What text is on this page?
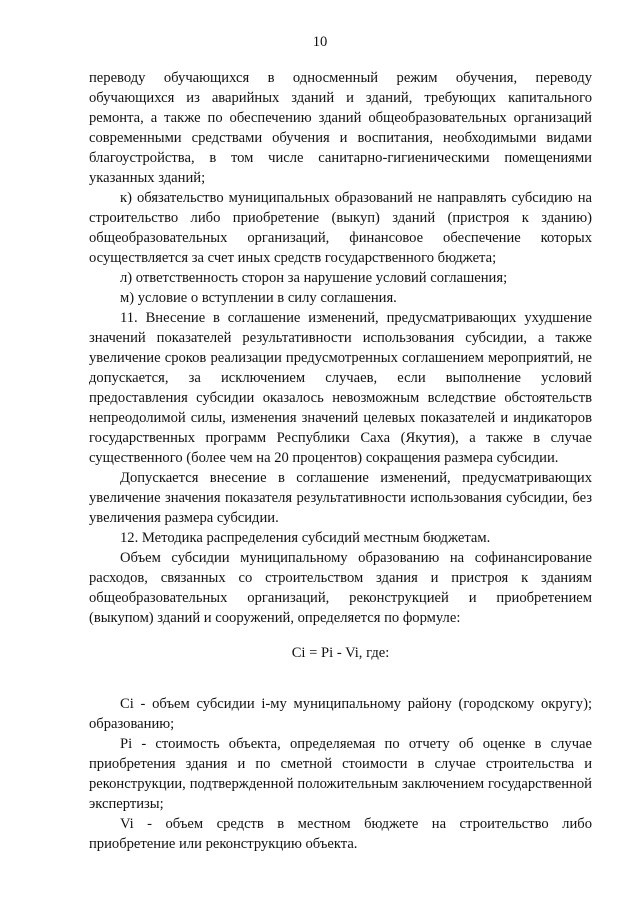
10

переводу обучающихся в односменный режим обучения, переводу обучающихся из аварийных зданий и зданий, требующих капитального ремонта, а также по обеспечению зданий общеобразовательных организаций современными средствами обучения и воспитания, необходимыми видами благоустройства, в том числе санитарно-гигиеническими помещениями указанных зданий;

к) обязательство муниципальных образований не направлять субсидию на строительство либо приобретение (выкуп) зданий (пристроя к зданию) общеобразовательных организаций, финансовое обеспечение которых осуществляется за счет иных средств государственного бюджета;

л) ответственность сторон за нарушение условий соглашения;

м) условие о вступлении в силу соглашения.

11. Внесение в соглашение изменений, предусматривающих ухудшение значений показателей результативности использования субсидии, а также увеличение сроков реализации предусмотренных соглашением мероприятий, не допускается, за исключением случаев, если выполнение условий предоставления субсидии оказалось невозможным вследствие обстоятельств непреодолимой силы, изменения значений целевых показателей и индикаторов государственных программ Республики Саха (Якутия), а также в случае существенного (более чем на 20 процентов) сокращения размера субсидии.

Допускается внесение в соглашение изменений, предусматривающих увеличение значения показателя результативности использования субсидии, без увеличения размера субсидии.

12. Методика распределения субсидий местным бюджетам.

Объем субсидии муниципальному образованию на софинансирование расходов, связанных со строительством здания и пристроя к зданиям общеобразовательных организаций, реконструкцией и приобретением (выкупом) зданий и сооружений, определяется по формуле:

Ci = Pi - Vi, где:

Ci - объем субсидии i-му муниципальному району (городскому округу); образованию;

Pi - стоимость объекта, определяемая по отчету об оценке в случае приобретения здания и по сметной стоимости в случае строительства и реконструкции, подтвержденной положительным заключением государственной экспертизы;

Vi - объем средств в местном бюджете на строительство либо приобретение или реконструкцию объекта.
